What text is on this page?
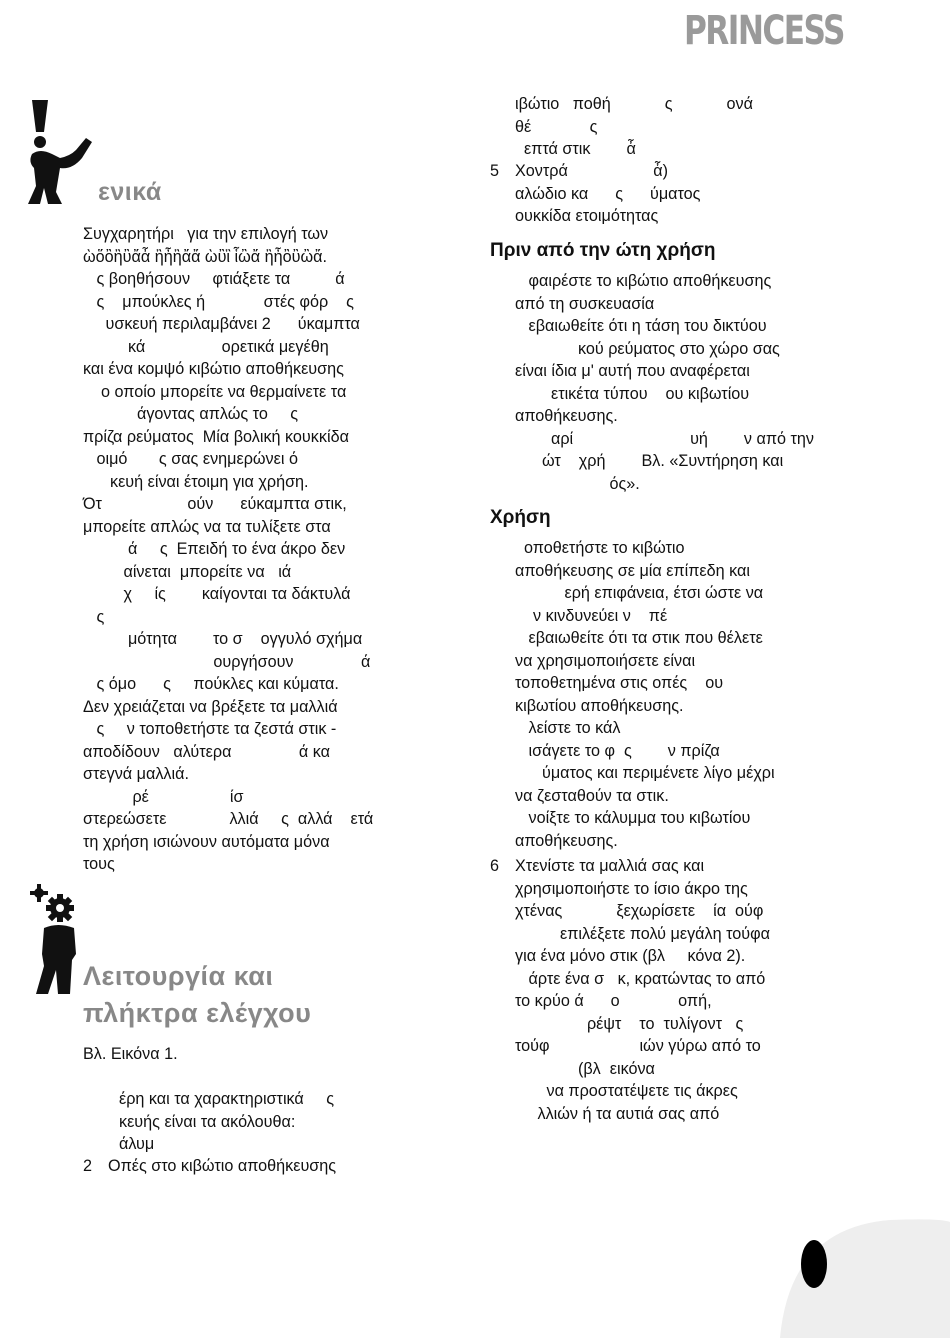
PRINCESS
ενικά

Συγχαρητήρι   για την επιλογή των

ὼὅὂἢὒἄἆ ἢἦἢἄἄ ὼὒἳ ἷὢἄ ἢἦὂὒὢἄ.

ς βοηθήσουν     φτιάξετε τα          ά

ς    μπούκλες ή             στές φόρ    ς

υσκευή περιλαμβάνει 2      ύκαμπτα

κά                 ορετικά μεγέθη

και ένα κομψό κιβώτιο αποθήκευσης

ο οποίο μπορείτε να θερμαίνετε τα

άγοντας απλώς το     ς

πρίζα ρεύματος  Μία βολική κουκκίδα

οιμό       ς σας ενημερώνει ό

κευή είναι έτοιμη για χρήση.

Ότ                   ούν      εύκαμπτα στικ,

μπορείτε απλώς να τα τυλίξετε στα

ά     ς  Επειδή το ένα άκρο δεν

αίνεται  μπορείτε να   ιά

χ     ίς        καίγονται τα δάκτυλά

ς

μότητα        το σ    ογγυλό σχήμα

ουργήσουν               ά

ς όμο      ς     πούκλες και κύματα.

Δεν χρειάζεται να βρέξετε τα μαλλιά

ς     ν τοποθετήστε τα ζεστά στικ -

αποδίδουν   αλύτερα               ά κα

στεγνά μαλλιά.

ρέ                  ίσ

στερεώσετε              λλιά     ς  αλλά    ετά

τη χρήση ισιώνουν αυτόματα μόνα

τους

Λειτουργία και

πλήκτρα ελέγχου

Βλ. Εικόνα 1.

έρη και τα χαρακτηριστικά     ς

κευής είναι τα ακόλουθα:

άλυμ

2 Οπές στο κιβώτιο αποθήκευσης

ιβώτιο   ποθή            ς            ονά

θέ             ς

επτά στικ        ἆ

5 Χοντρά                   ἆ)

αλώδιο κα      ς      ύματος

ουκκίδα ετοιμότητας

Πριν από την ώτη χρήση

φαιρέστε το κιβώτιο αποθήκευσης

από τη συσκευασία

εβαιωθείτε ότι η τάση του δικτύου

κού ρεύματος στο χώρο σας

είναι ίδια μ' αυτή που αναφέρεται

ετικέτα τύπου    ου κιβωτίου

αποθήκευσης.

αρί                          υή        ν από την

ώτ    χρή        Βλ. «Συντήρηση και

ός».

Χρήση

οποθετήστε το κιβώτιο

αποθήκευσης σε μία επίπεδη και

ερή επιφάνεια, έτσι ώστε να

ν κινδυνεύει ν    πέ

εβαιωθείτε ότι τα στικ που θέλετε

να χρησιμοποιήσετε είναι

τοποθετημένα στις οπές    ου

κιβωτίου αποθήκευσης.

λείστε το κάλ

ισάγετε το φ  ς        ν πρίζα

ύματος και περιμένετε λίγο μέχρι

να ζεσταθούν τα στικ.

νοίξτε το κάλυμμα του κιβωτίου

αποθήκευσης.

6 Χτενίστε τα μαλλιά σας και

χρησιμοποιήστε το ίσιο άκρο της

χτένας            ξεχωρίσετε    ία  ούφ

επιλέξετε πολύ μεγάλη τούφα

για ένα μόνο στικ (βλ     κόνα 2).

άρτε ένα σ   κ, κρατώντας το από

το κρύο ά      ο             οπή,

ρέψτ    το  τυλίγοντ   ς

τούφ                    ιών γύρω από το

(βλ  εικόνα

να προστατέψετε τις άκρες

λλιών ή τα αυτιά σας από
